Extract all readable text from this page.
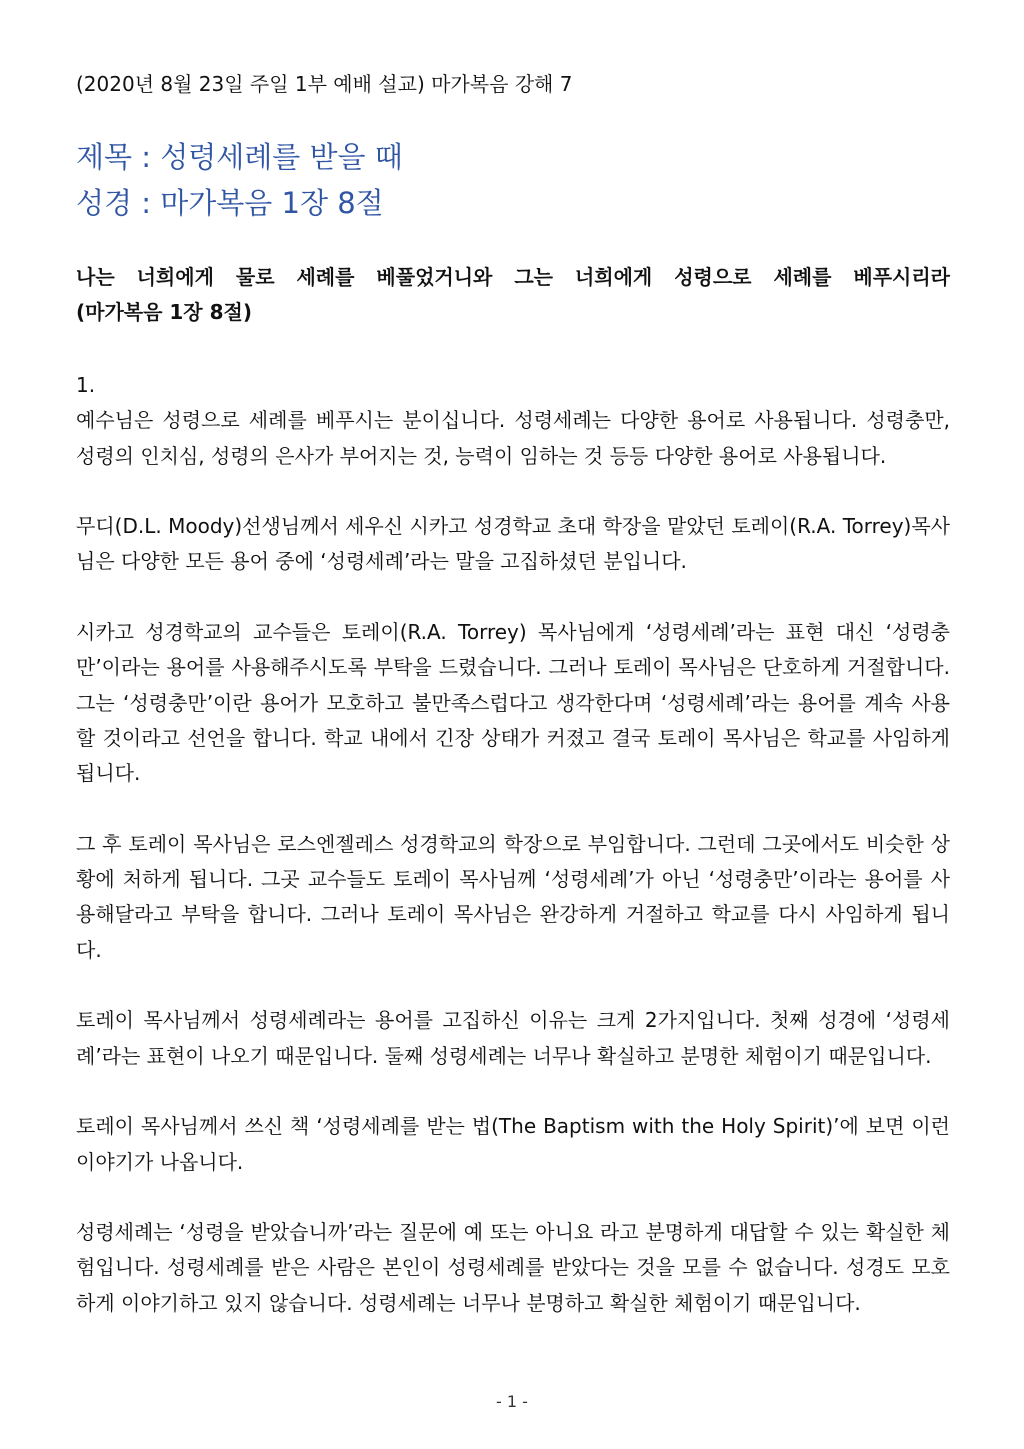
(2020년 8월 23일 주일 1부 예배 설교) 마가복음 강해 7
제목 : 성령세례를 받을 때
성경 : 마가복음 1장 8절
나는 너희에게 물로 세례를 베풀었거니와 그는 너희에게 성령으로 세례를 베푸시리라
(마가복음 1장 8절)

1.

예수님은 성령으로 세례를 베푸시는 분이십니다. 성령세례는 다양한 용어로 사용됩니다. 성령충만, 성령의 인치심, 성령의 은사가 부어지는 것, 능력이 임하는 것 등등 다양한 용어로 사용됩니다.

무디(D.L. Moody)선생님께서 세우신 시카고 성경학교 초대 학장을 맡았던 토레이(R.A. Torrey)목사님은 다양한 모든 용어 중에 ‘성령세례’라는 말을 고집하셨던 분입니다.

시카고 성경학교의 교수들은 토레이(R.A. Torrey) 목사님에게 ‘성령세례’라는 표현 대신 ‘성령충만’이라는 용어를 사용해주시도록 부탁을 드렸습니다. 그러나 토레이 목사님은 단호하게 거절합니다. 그는 ‘성령충만’이란 용어가 모호하고 불만족스럽다고 생각한다며 ‘성령세례’라는 용어를 계속 사용할 것이라고 선언을 합니다. 학교 내에서 긴장 상태가 커졌고 결국 토레이 목사님은 학교를 사임하게 됩니다.

그 후 토레이 목사님은 로스엔젤레스 성경학교의 학장으로 부임합니다. 그런데 그곳에서도 비슷한 상황에 처하게 됩니다. 그곳 교수들도 토레이 목사님께 ‘성령세례’가 아닌 ‘성령충만’이라는 용어를 사용해달라고 부탁을 합니다. 그러나 토레이 목사님은 완강하게 거절하고 학교를 다시 사임하게 됩니다.

토레이 목사님께서 성령세례라는 용어를 고집하신 이유는 크게 2가지입니다. 첫째 성경에 ‘성령세례’라는 표현이 나오기 때문입니다. 둘째 성령세례는 너무나 확실하고 분명한 체험이기 때문입니다.

토레이 목사님께서 쓰신 책 ‘성령세례를 받는 법(The Baptism with the Holy Spirit)’에 보면 이런 이야기가 나옵니다.

성령세례는 ‘성령을 받았습니까’라는 질문에 예 또는 아니요 라고 분명하게 대답할 수 있는 확실한 체험입니다. 성령세례를 받은 사람은 본인이 성령세례를 받았다는 것을 모를 수 없습니다. 성경도 모호하게 이야기하고 있지 않습니다. 성령세례는 너무나 분명하고 확실한 체험이기 때문입니다.

- 1 -
